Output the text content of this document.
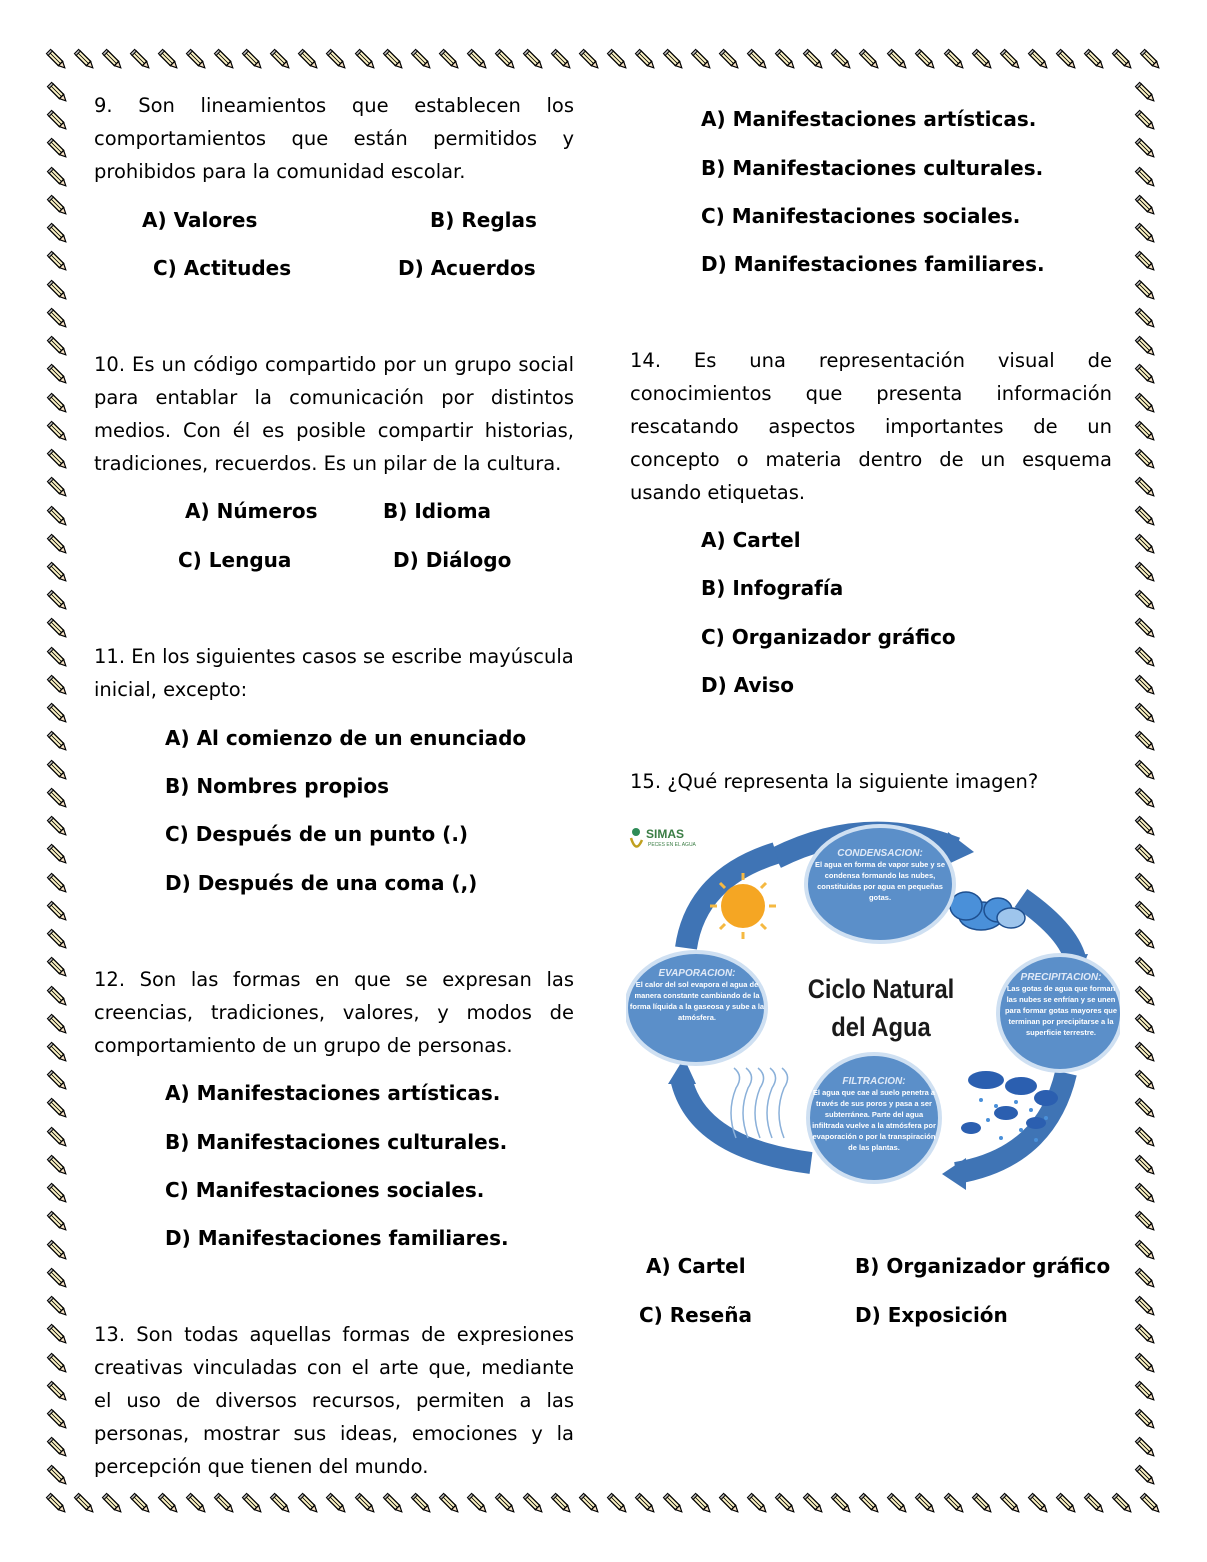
9. Son lineamientos que establecen los comportamientos que están permitidos y prohibidos para la comunidad escolar.

A) Valores	B) Reglas
C) Actitudes	D) Acuerdos

10. Es un código compartido por un grupo social para entablar la comunicación por distintos medios. Con él es posible compartir historias, tradiciones, recuerdos. Es un pilar de la cultura.

A) Números	B) Idioma
C) Lengua	D) Diálogo

11. En los siguientes casos se escribe mayúscula inicial, excepto:

A) Al comienzo de un enunciado
B) Nombres propios
C) Después de un punto (.)
D) Después de una coma (,)

12. Son las formas en que se expresan las creencias, tradiciones, valores, y modos de comportamiento de un grupo de personas.

A) Manifestaciones artísticas.
B) Manifestaciones culturales.
C) Manifestaciones sociales.
D) Manifestaciones familiares.

13. Son todas aquellas formas de expresiones creativas vinculadas con el arte que, mediante el uso de diversos recursos, permiten a las personas, mostrar sus ideas, emociones y la percepción que tienen del mundo.

A) Manifestaciones artísticas.
B) Manifestaciones culturales.
C) Manifestaciones sociales.
D) Manifestaciones familiares.

14. Es una representación visual de conocimientos que presenta información rescatando aspectos importantes de un concepto o materia dentro de un esquema usando etiquetas.

A) Cartel
B) Infografía
C) Organizador gráfico
D) Aviso

15. ¿Qué representa la siguiente imagen?

SIMAS
PECES EN EL AGUA
Ciclo Natural
del Agua
CONDENSACION:
El agua en forma de vapor sube y se condensa formando las nubes, constituidas por agua en pequeñas gotas.
PRECIPITACION:
Las gotas de agua que forman las nubes se enfrían y se unen para formar gotas mayores que terminan por precipitarse a la superficie terrestre.
FILTRACION:
El agua que cae al suelo penetra a través de sus poros y pasa a ser subterránea. Parte del agua infiltrada vuelve a la atmósfera por evaporación o por la transpiración de las plantas.
EVAPORACION:
El calor del sol evapora el agua de manera constante cambiando de la forma líquida a la gaseosa y sube a la atmósfera.
A) Cartel	B) Organizador gráfico
C) Reseña	D) Exposición
